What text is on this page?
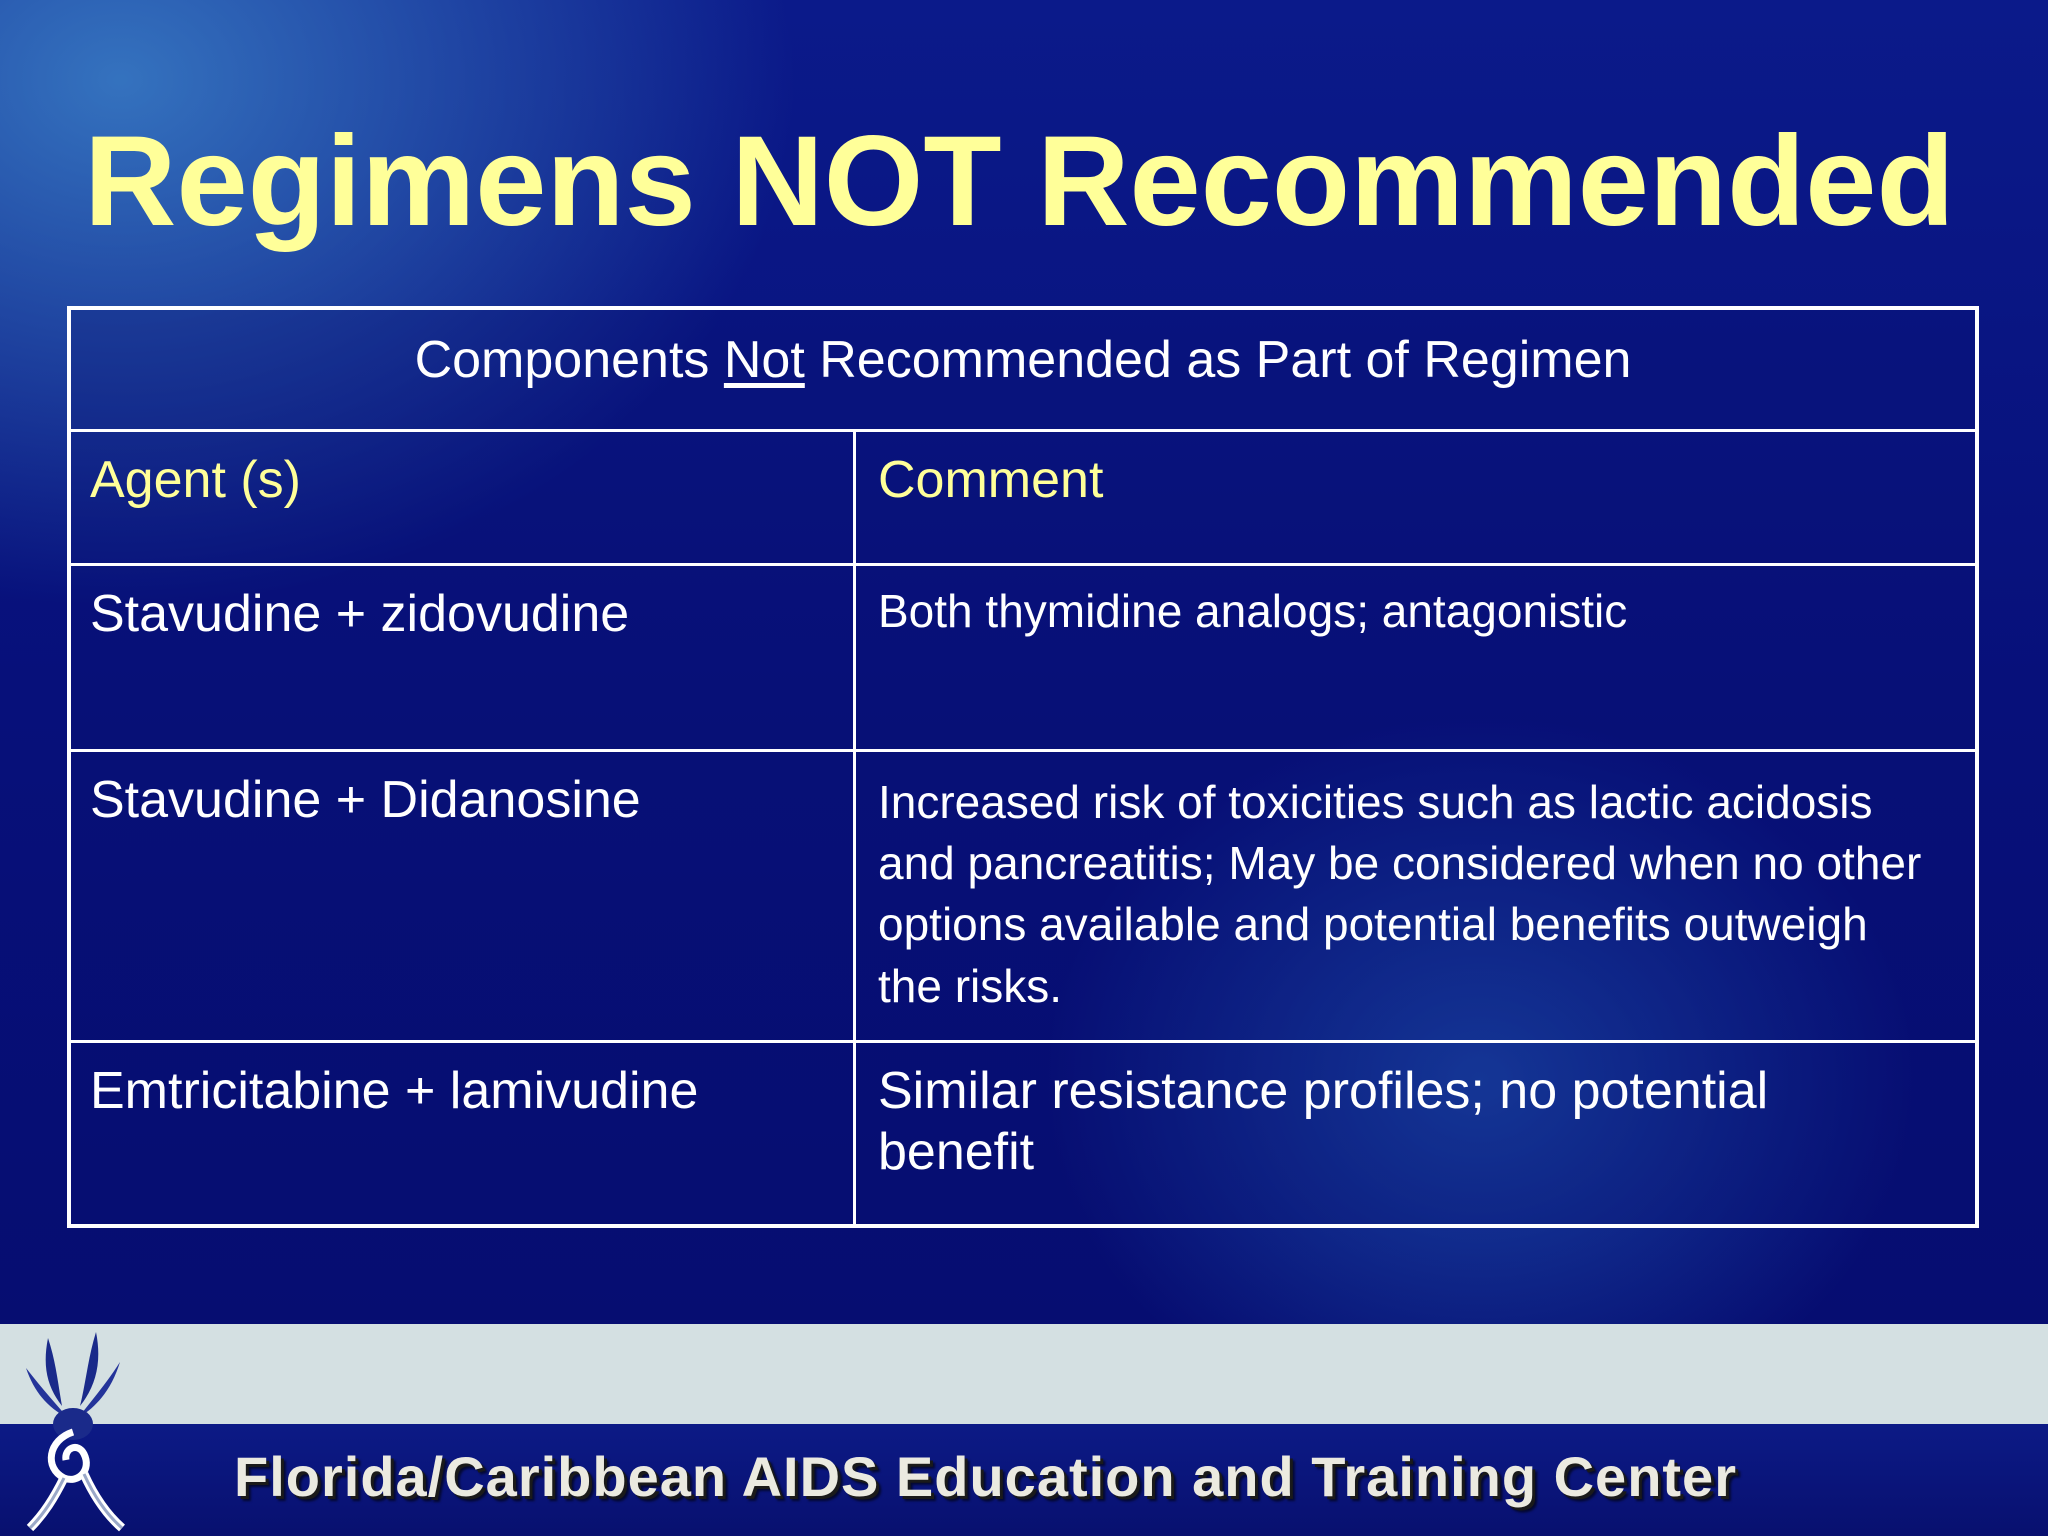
Regimens NOT Recommended
Components Not Recommended as Part of Regimen
Agent (s)	Comment
Stavudine + zidovudine	Both thymidine analogs; antagonistic
Stavudine + Didanosine	Increased risk of toxicities such as lactic acidosis and pancreatitis; May be considered when no other options available and potential benefits outweigh the risks.
Emtricitabine + lamivudine	Similar resistance profiles; no potential benefit
Florida/Caribbean AIDS Education and Training Center
